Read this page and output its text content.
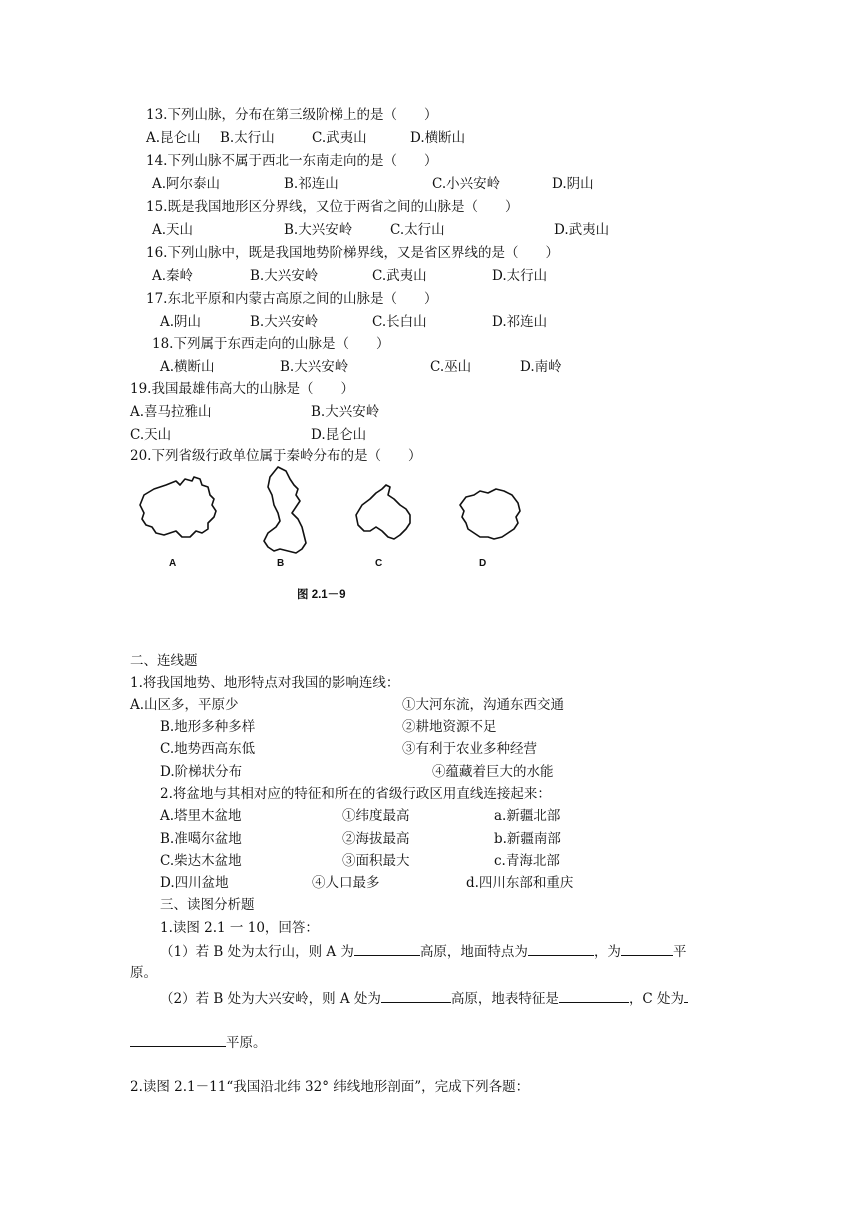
13.下列山脉，分布在第三级阶梯上的是（　　）
A.昆仑山 B.太行山	C.武夷山	D.横断山
14.下列山脉不属于西北一东南走向的是（　　）
A.阿尔泰山	B.祁连山	C.小兴安岭	D.阴山
15.既是我国地形区分界线，又位于两省之间的山脉是（　　）
A.天山	B.大兴安岭	C.太行山	D.武夷山
16.下列山脉中，既是我国地势阶梯界线，又是省区界线的是（　　）
A.秦岭	B.大兴安岭	C.武夷山	D.太行山
17.东北平原和内蒙古高原之间的山脉是（　　）
A.阴山	B.大兴安岭	C.长白山	D.祁连山
18.下列属于东西走向的山脉是（　　）
A.横断山	B.大兴安岭	C.巫山	D.南岭
19.我国最雄伟高大的山脉是（　　）
A.喜马拉雅山	B.大兴安岭
C.天山	D.昆仑山
20.下列省级行政单位属于秦岭分布的是（　　）
A	B	C	D
图 2.1－9
二、连线题
1.将我国地势、地形特点对我国的影响连线：
A.山区多，平原少	①大河东流，沟通东西交通
B.地形多种多样	②耕地资源不足
C.地势西高东低	③有利于农业多种经营
D.阶梯状分布	④蕴藏着巨大的水能
2.将盆地与其相对应的特征和所在的省级行政区用直线连接起来：
A.塔里木盆地	①纬度最高	a.新疆北部
B.准噶尔盆地	②海拔最高	b.新疆南部
C.柴达木盆地	③面积最大	c.青海北部
D.四川盆地	④人口最多	d.四川东部和重庆
三、读图分析题
1.读图 2.1 一 10，回答：
（1）若 B 处为太行山，则 A 为	高原，地面特点为	，为	平
原。
（2）若 B 处为大兴安岭，则 A 处为	高原，地表特征是	，C 处为
平原。
2.读图 2.1－11“我国沿北纬 32° 纬线地形剖面”，完成下列各题：
